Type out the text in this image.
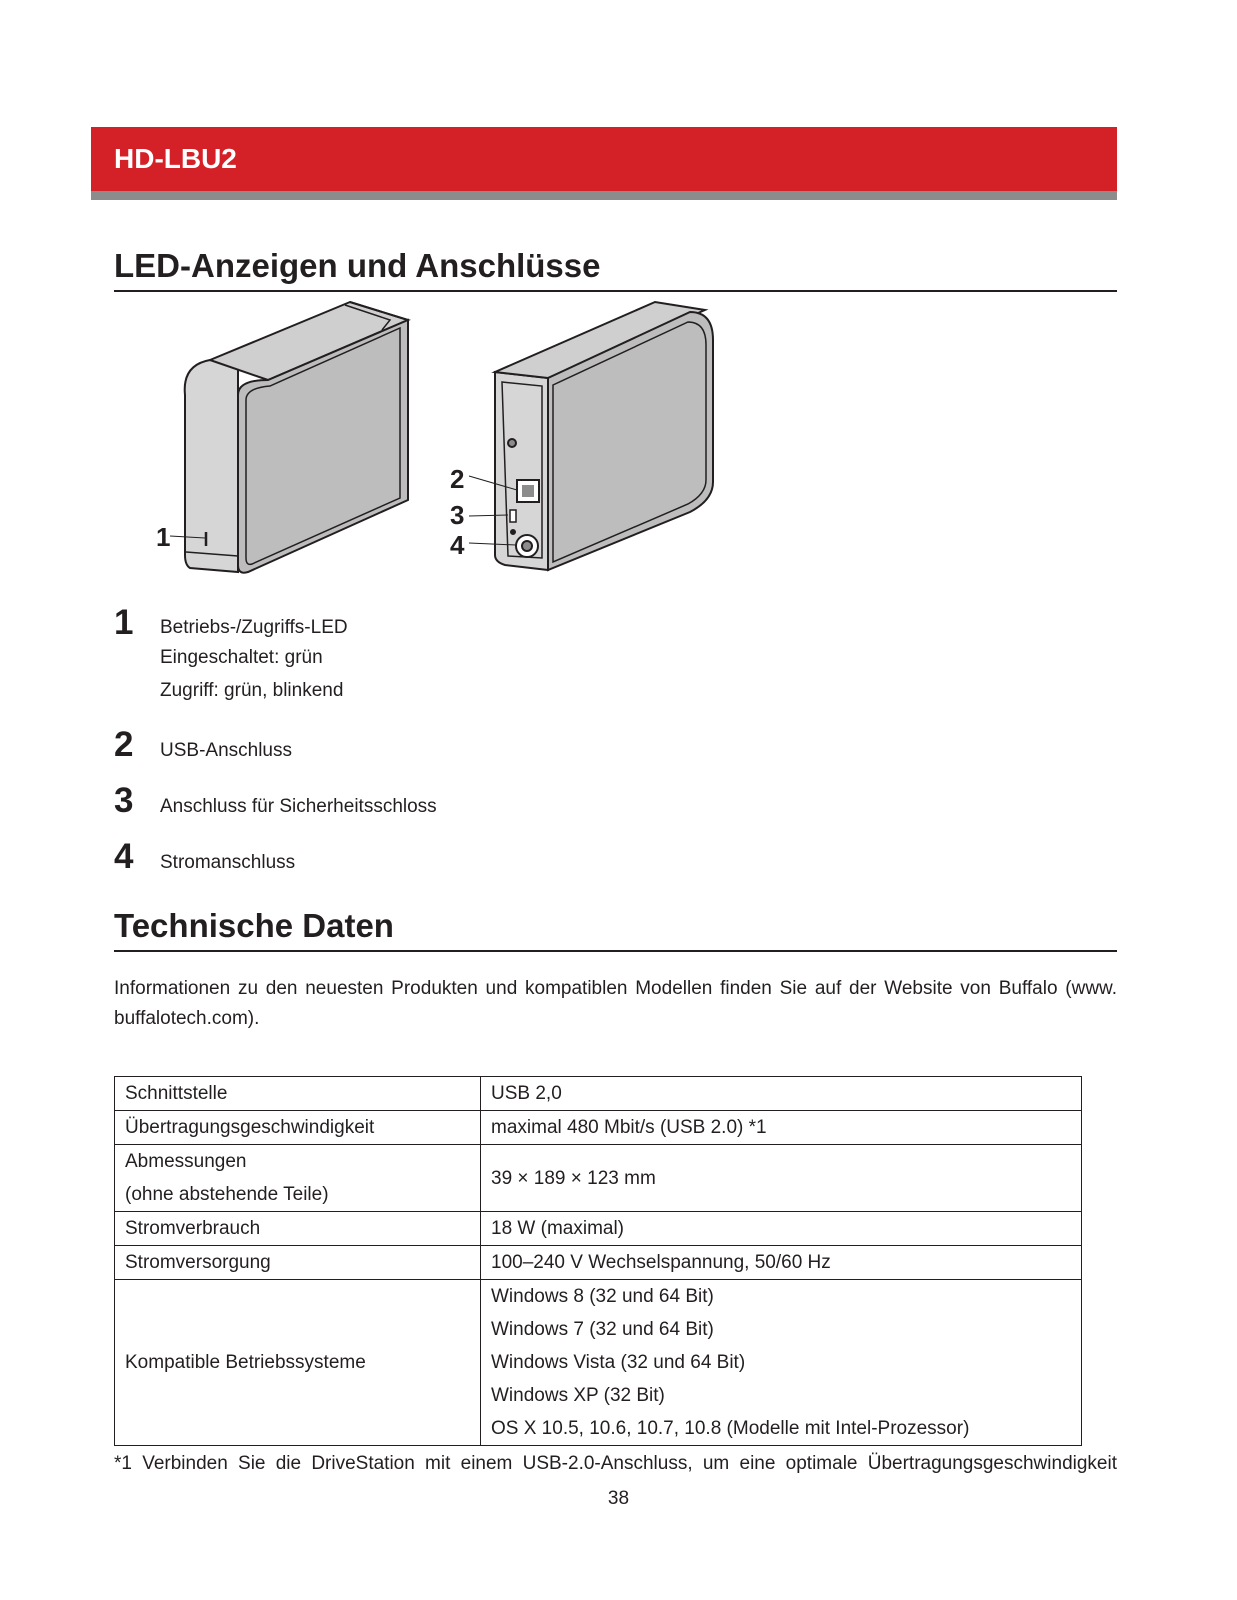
HD-LBU2
LED-Anzeigen und Anschlüsse
1
2
3
4
1 Betriebs-/Zugriffs-LED
Eingeschaltet: grün
Zugriff: grün, blinkend
2 USB-Anschluss
3 Anschluss für Sicherheitsschloss
4 Stromanschluss
Technische Daten
Informationen zu den neuesten Produkten und kompatiblen Modellen finden Sie auf der Website von Buffalo (www. buffalotech.com).
Schnittstelle	USB 2,0

Übertragungsgeschwindigkeit	maximal 480 Mbit/s (USB 2.0) *1

Abmessungen
(ohne abstehende Teile)	39 × 189 × 123 mm

Stromverbrauch	18 W (maximal)

Stromversorgung	100–240 V Wechselspannung, 50/60 Hz

Kompatible Betriebssysteme	Windows 8 (32 und 64 Bit)
Windows 7 (32 und 64 Bit)
Windows Vista (32 und 64 Bit)
Windows XP (32 Bit)
OS X 10.5, 10.6, 10.7, 10.8 (Modelle mit Intel-Prozessor)
*1 Verbinden Sie die DriveStation mit einem USB-2.0-Anschluss, um eine optimale Übertragungsgeschwindigkeit
38
